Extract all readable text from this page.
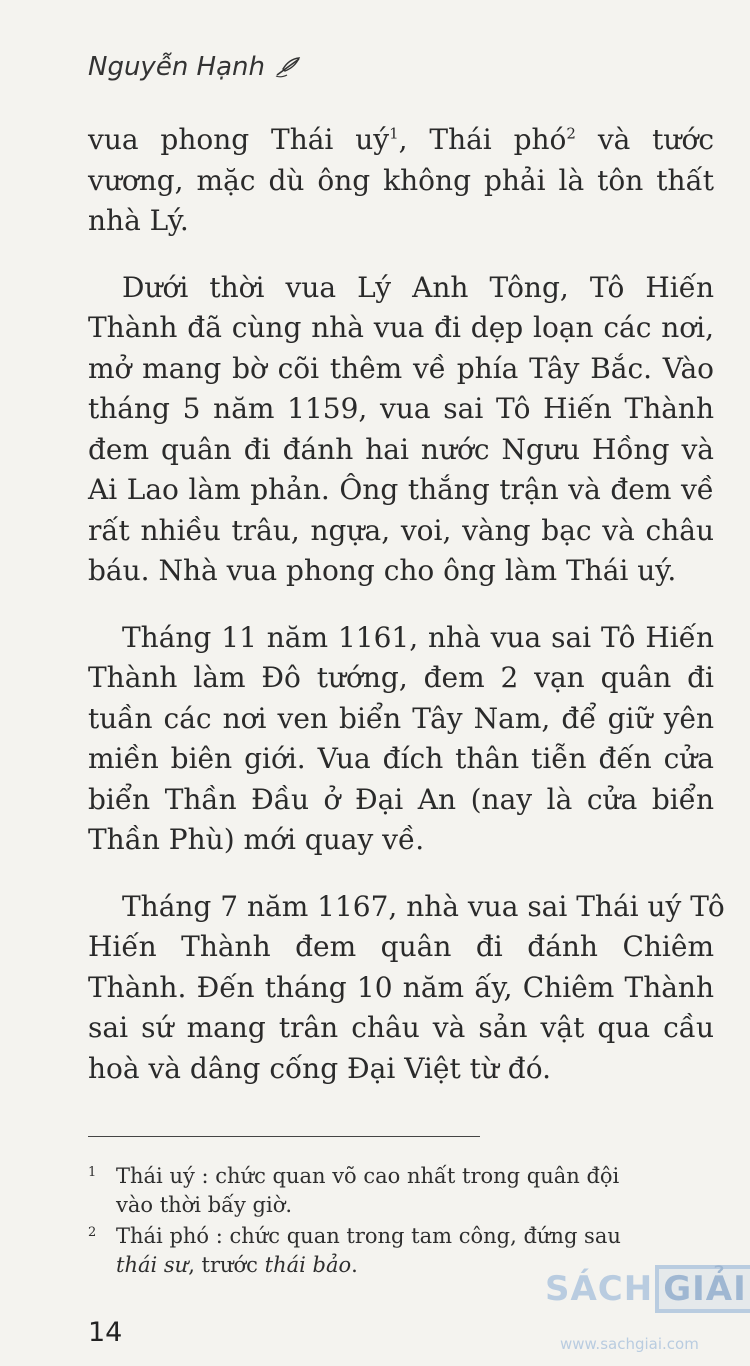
Nguyễn Hạnh
vua phong Thái $uý^1$, Thái phó$^2$ và tước
vương, mặc dù ông không phải là tôn thất
nhà Lý.
Dưới thời vua Lý Anh Tông, Tô Hiến
Thành đã cùng nhà vua đi dẹp loạn các nơi,
mở mang bờ cõi thêm về phía Tây Bắc. Vào
tháng 5 năm 1159, vua sai Tô Hiến Thành
đem quân đi đánh hai nước Ngưu Hồng và
Ai Lao làm phản. Ông thắng trận và đem về
rất nhiều trâu, ngựa, voi, vàng bạc và châu
báu. Nhà vua phong cho ông làm Thái uý.
Tháng 11 năm 1161, nhà vua sai Tô Hiến
Thành làm Đô tướng, đem 2 vạn quân đi
tuần các nơi ven biển Tây Nam, để giữ yên
miền biên giới. Vua đích thân tiễn đến cửa
biển Thần Đầu ở Đại An (nay là cửa biển
Thần Phù) mới quay về.
Tháng 7 năm 1167, nhà vua sai Thái uý Tô
Hiến Thành đem quân đi đánh Chiêm
Thành. Đến tháng 10 năm ấy, Chiêm Thành
sai sứ mang trân châu và sản vật qua cầu
hoà và dâng cống Đại Việt từ đó.
1 Thái uý : chức quan võ cao nhất trong quân đội
vào thời bấy giờ.
2 Thái phó : chức quan trong tam công, đứng sau
thái sư, trước thái bảo.
14
SÁCH GIẢI
www.sachgiai.com
